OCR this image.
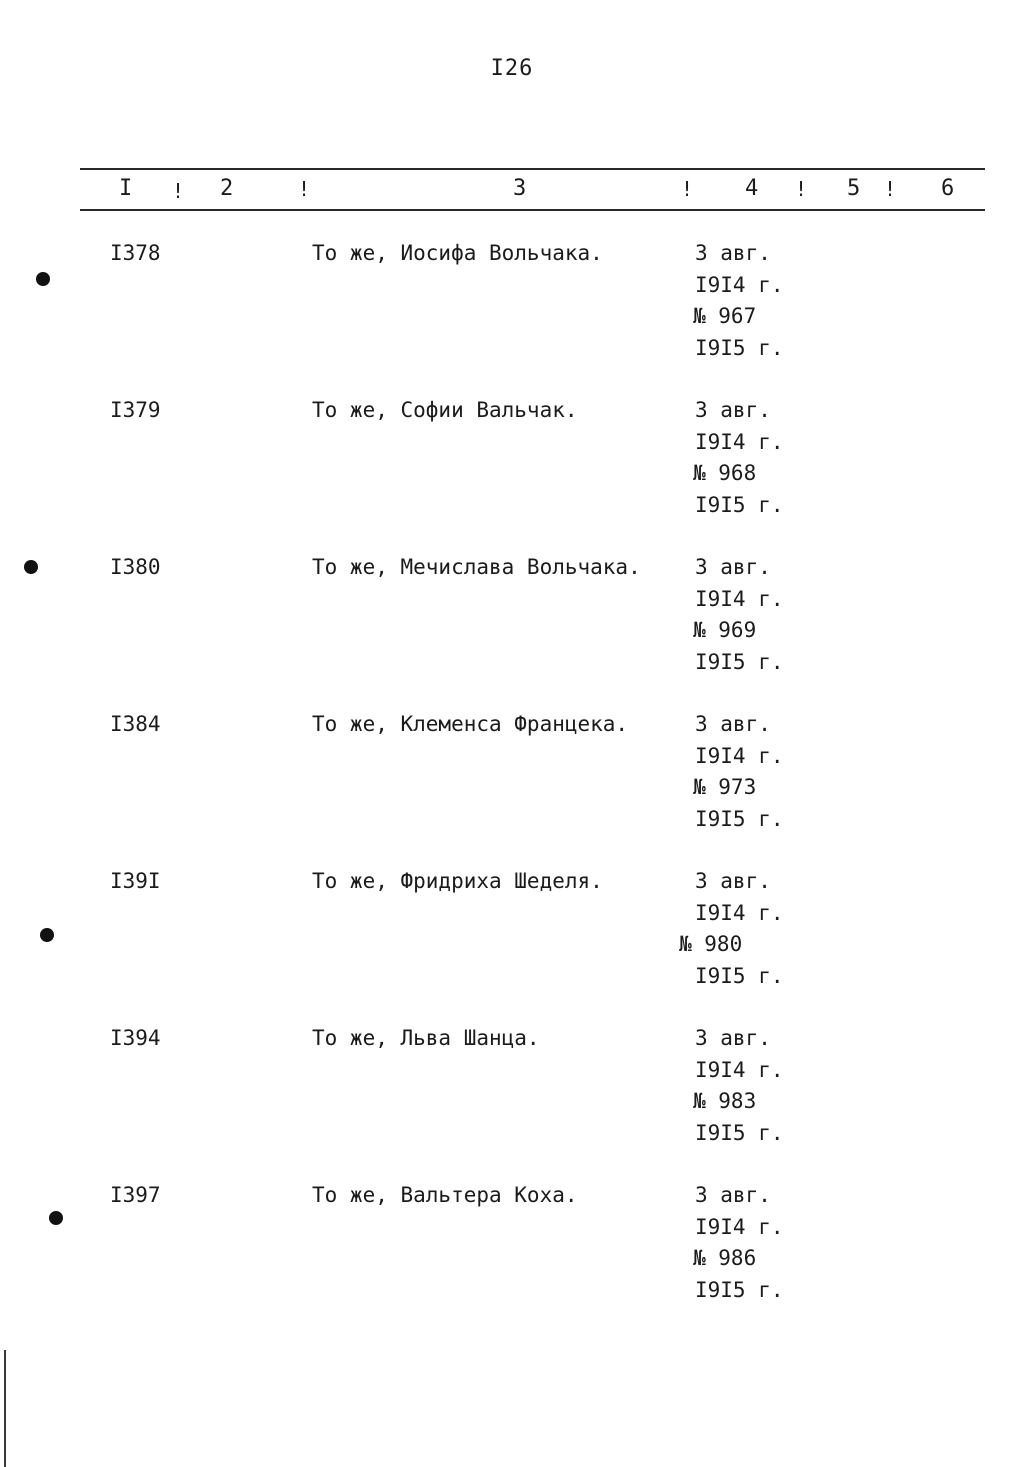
I26
I ! 2	!	3	! 4 ! 5 ! 6
I378	То же, Иосифа Вольчака.	3 авг.
I9I4 г.
№ 967
I9I5 г.
I379	То же, Софии Вальчак.	3 авг.
I9I4 г.
№ 968
I9I5 г.
I380	То же, Мечислава Вольчака.	3 авг.
I9I4 г.
№ 969
I9I5 г.
I384	То же, Клеменса Францека.	3 авг.
I9I4 г.
№ 973
I9I5 г.
I39I	То же, Фридриха Шеделя.	3 авг.
I9I4 г.
№ 980
I9I5 г.
I394	То же, Льва Шанца.	3 авг.
I9I4 г.
№ 983
I9I5 г.
I397	То же, Вальтера Коха.	3 авг.
I9I4 г.
№ 986
I9I5 г.
